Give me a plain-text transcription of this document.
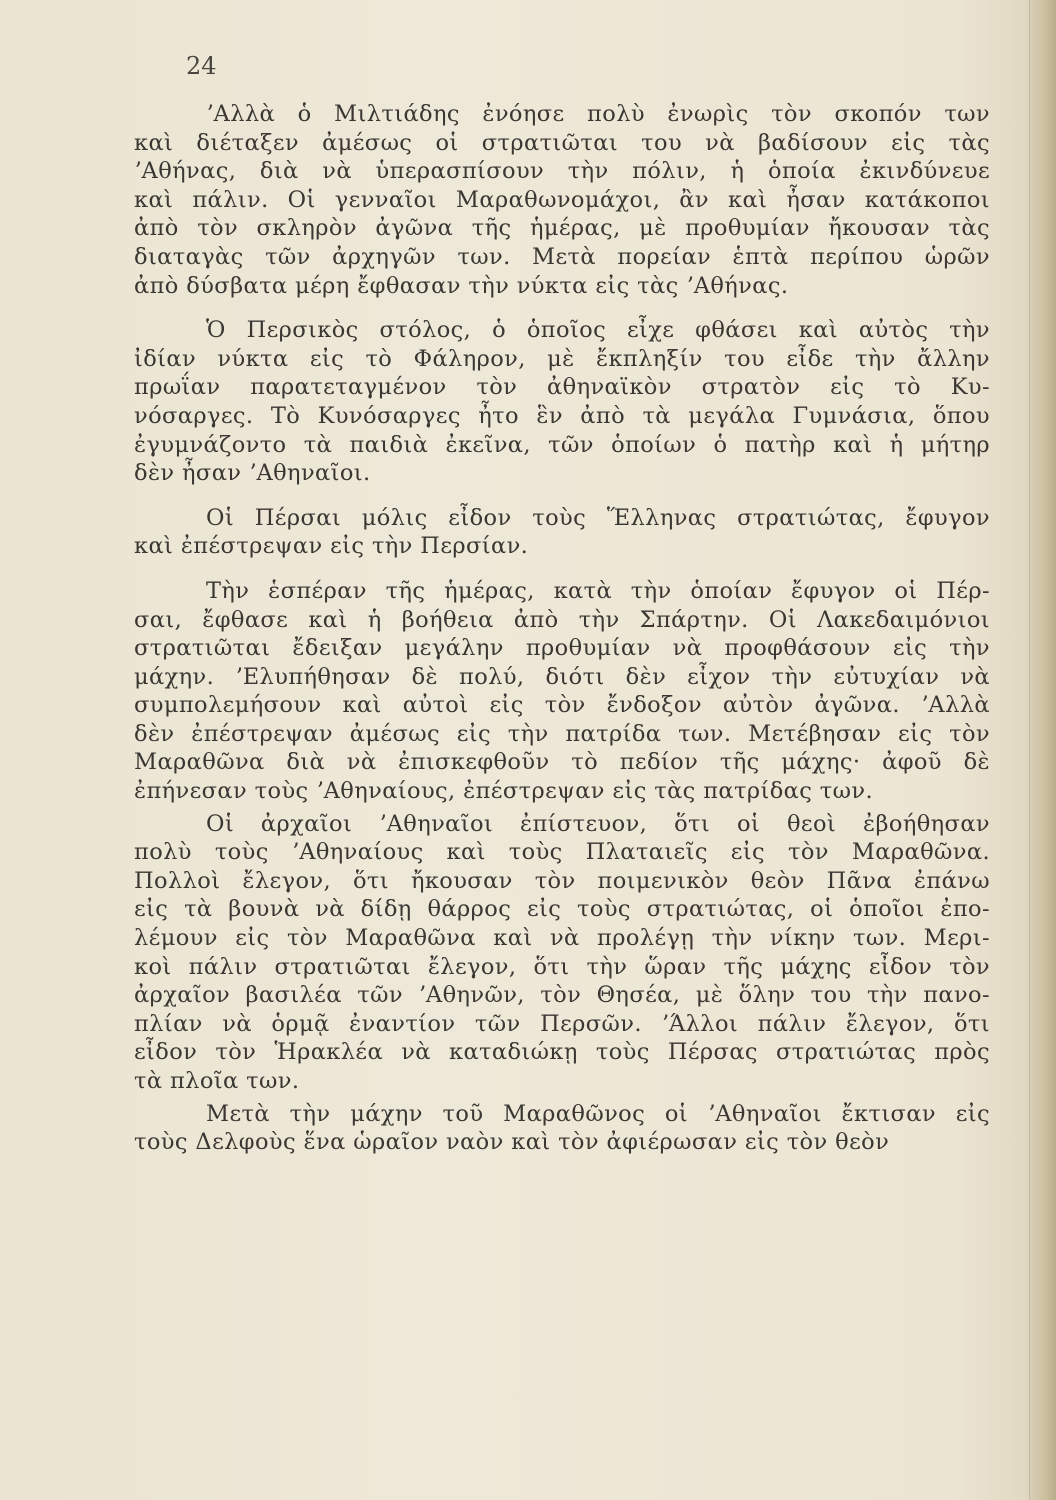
24
ʼΑλλὰ ὁ Μιλτιάδης ἐνόησε πολὺ ἐνωρὶς τὸν σκοπόν των
καὶ διέταξεν ἀμέσως οἱ στρατιῶται του νὰ βαδίσουν εἰς τὰς
ʼΑθήνας, διὰ νὰ ὑπερασπίσουν τὴν πόλιν, ἡ ὁποία ἐκινδύνευε
καὶ πάλιν. Οἱ γενναῖοι Μαραθωνομάχοι, ἂν καὶ ἦσαν κατάκοποι
ἀπὸ τὸν σκληρὸν ἀγῶνα τῆς ἡμέρας, μὲ προθυμίαν ἤκουσαν τὰς
διαταγὰς τῶν ἀρχηγῶν των. Μετὰ πορείαν ἑπτὰ περίπου ὡρῶν
ἀπὸ δύσβατα μέρη ἔφθασαν τὴν νύκτα εἰς τὰς ʼΑθήνας.
Ὁ Περσικὸς στόλος, ὁ ὁποῖος εἶχε φθάσει καὶ αὐτὸς τὴν
ἰδίαν νύκτα εἰς τὸ Φάληρον, μὲ ἔκπληξίν του εἶδε τὴν ἄλλην
πρωΐαν παρατεταγμένον τὸν ἀθηναϊκὸν στρατὸν εἰς τὸ Κυ-
νόσαργες. Τὸ Κυνόσαργες ἦτο ἓν ἀπὸ τὰ μεγάλα Γυμνάσια, ὅπου
ἐγυμνάζοντο τὰ παιδιὰ ἐκεῖνα, τῶν ὁποίων ὁ πατὴρ καὶ ἡ μήτηρ
δὲν ἦσαν ʼΑθηναῖοι.
Οἱ Πέρσαι μόλις εἶδον τοὺς Ἕλληνας στρατιώτας, ἔφυγον
καὶ ἐπέστρεψαν εἰς τὴν Περσίαν.
Τὴν ἑσπέραν τῆς ἡμέρας, κατὰ τὴν ὁποίαν ἔφυγον οἱ Πέρ-
σαι, ἔφθασε καὶ ἡ βοήθεια ἀπὸ τὴν Σπάρτην. Οἱ Λακεδαιμόνιοι
στρατιῶται ἔδειξαν μεγάλην προθυμίαν νὰ προφθάσουν εἰς τὴν
μάχην. ʼΕλυπήθησαν δὲ πολύ, διότι δὲν εἶχον τὴν εὐτυχίαν νὰ
συμπολεμήσουν καὶ αὐτοὶ εἰς τὸν ἔνδοξον αὐτὸν ἀγῶνα. ʼΑλλὰ
δὲν ἐπέστρεψαν ἀμέσως εἰς τὴν πατρίδα των. Μετέβησαν εἰς τὸν
Μαραθῶνα διὰ νὰ ἐπισκεφθοῦν τὸ πεδίον τῆς μάχης· ἀφοῦ δὲ
ἐπήνεσαν τοὺς ʼΑθηναίους, ἐπέστρεψαν εἰς τὰς πατρίδας των.
Οἱ ἀρχαῖοι ʼΑθηναῖοι ἐπίστευον, ὅτι οἱ θεοὶ ἐβοήθησαν
πολὺ τοὺς ʼΑθηναίους καὶ τοὺς Πλαταιεῖς εἰς τὸν Μαραθῶνα.
Πολλοὶ ἔλεγον, ὅτι ἤκουσαν τὸν ποιμενικὸν θεὸν Πᾶνα ἐπάνω
εἰς τὰ βουνὰ νὰ δίδῃ θάρρος εἰς τοὺς στρατιώτας, οἱ ὁποῖοι ἐπο-
λέμουν εἰς τὸν Μαραθῶνα καὶ νὰ προλέγῃ τὴν νίκην των. Μερι-
κοὶ πάλιν στρατιῶται ἔλεγον, ὅτι τὴν ὥραν τῆς μάχης εἶδον τὸν
ἀρχαῖον βασιλέα τῶν ʼΑθηνῶν, τὸν Θησέα, μὲ ὅλην του τὴν πανο-
πλίαν νὰ ὁρμᾷ ἐναντίον τῶν Περσῶν. ʼΆλλοι πάλιν ἔλεγον, ὅτι
εἶδον τὸν Ἡρακλέα νὰ καταδιώκῃ τοὺς Πέρσας στρατιώτας πρὸς
τὰ πλοῖα των.
Μετὰ τὴν μάχην τοῦ Μαραθῶνος οἱ ʼΑθηναῖοι ἔκτισαν εἰς
τοὺς Δελφοὺς ἕνα ὡραῖον ναὸν καὶ τὸν ἀφιέρωσαν εἰς τὸν θεὸν
